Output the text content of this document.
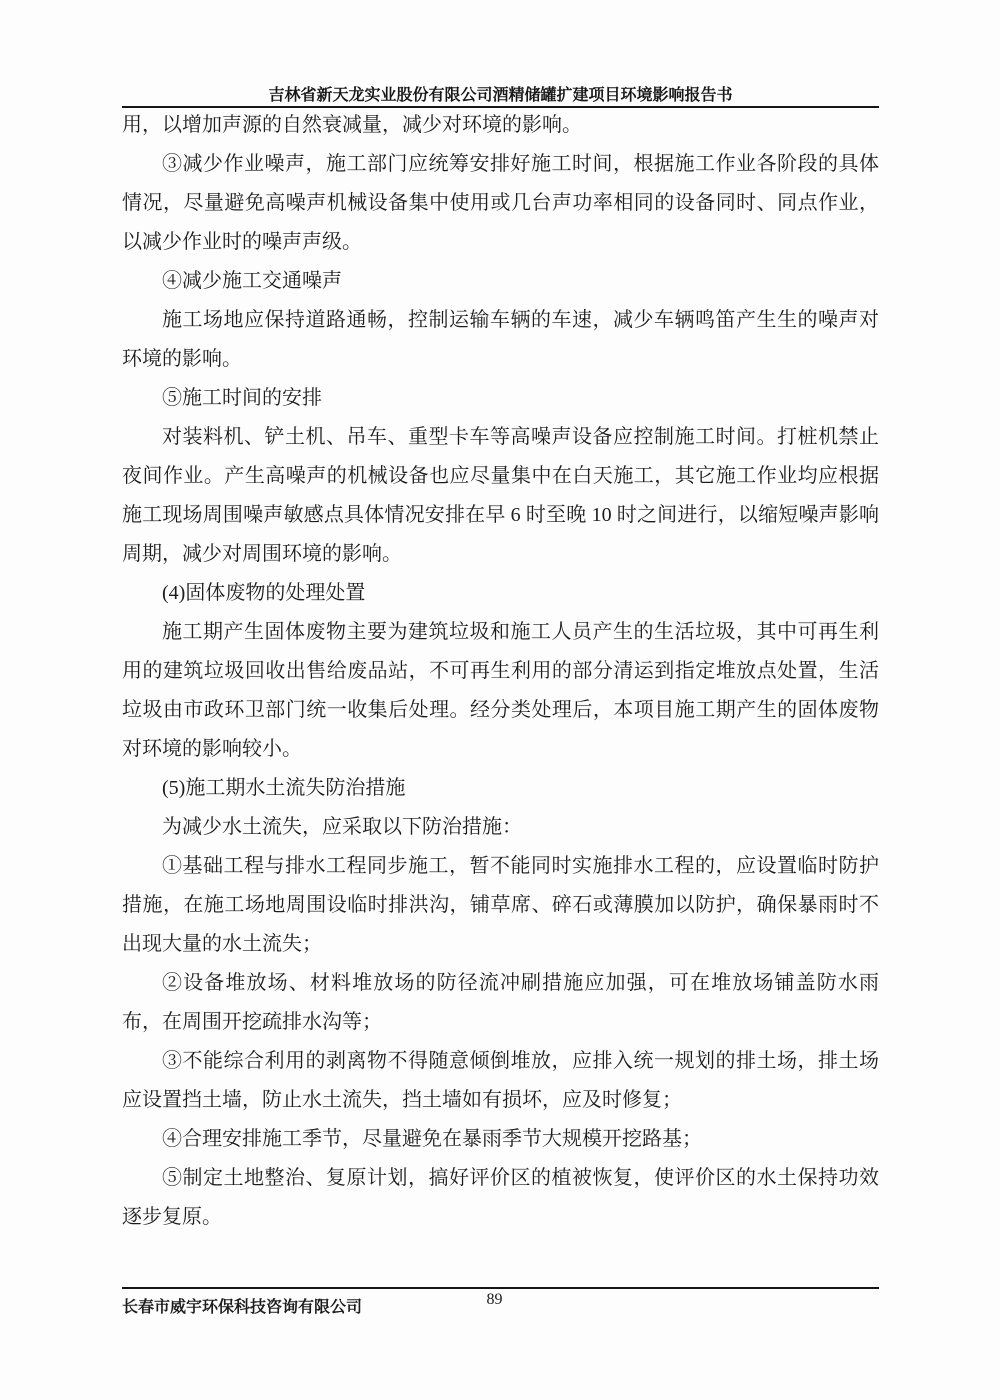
吉林省新天龙实业股份有限公司酒精储罐扩建项目环境影响报告书

用，以增加声源的自然衰减量，减少对环境的影响。

③减少作业噪声，施工部门应统筹安排好施工时间，根据施工作业各阶段的具体情况，尽量避免高噪声机械设备集中使用或几台声功率相同的设备同时、同点作业，以减少作业时的噪声声级。

④减少施工交通噪声

施工场地应保持道路通畅，控制运输车辆的车速，减少车辆鸣笛产生生的噪声对环境的影响。

⑤施工时间的安排

对装料机、铲土机、吊车、重型卡车等高噪声设备应控制施工时间。打桩机禁止夜间作业。产生高噪声的机械设备也应尽量集中在白天施工，其它施工作业均应根据施工现场周围噪声敏感点具体情况安排在早 6 时至晚 10 时之间进行，以缩短噪声影响周期，减少对周围环境的影响。

(4)固体废物的处理处置

施工期产生固体废物主要为建筑垃圾和施工人员产生的生活垃圾，其中可再生利用的建筑垃圾回收出售给废品站，不可再生利用的部分清运到指定堆放点处置，生活垃圾由市政环卫部门统一收集后处理。经分类处理后，本项目施工期产生的固体废物对环境的影响较小。

(5)施工期水土流失防治措施

为减少水土流失，应采取以下防治措施：

①基础工程与排水工程同步施工，暂不能同时实施排水工程的，应设置临时防护措施，在施工场地周围设临时排洪沟，铺草席、碎石或薄膜加以防护，确保暴雨时不出现大量的水土流失；

②设备堆放场、材料堆放场的防径流冲刷措施应加强，可在堆放场铺盖防水雨布，在周围开挖疏排水沟等；

③不能综合利用的剥离物不得随意倾倒堆放，应排入统一规划的排土场，排土场应设置挡土墙，防止水土流失，挡土墙如有损坏，应及时修复；

④合理安排施工季节，尽量避免在暴雨季节大规模开挖路基；

⑤制定土地整治、复原计划，搞好评价区的植被恢复，使评价区的水土保持功效逐步复原。

长春市威宇环保科技咨询有限公司	89
